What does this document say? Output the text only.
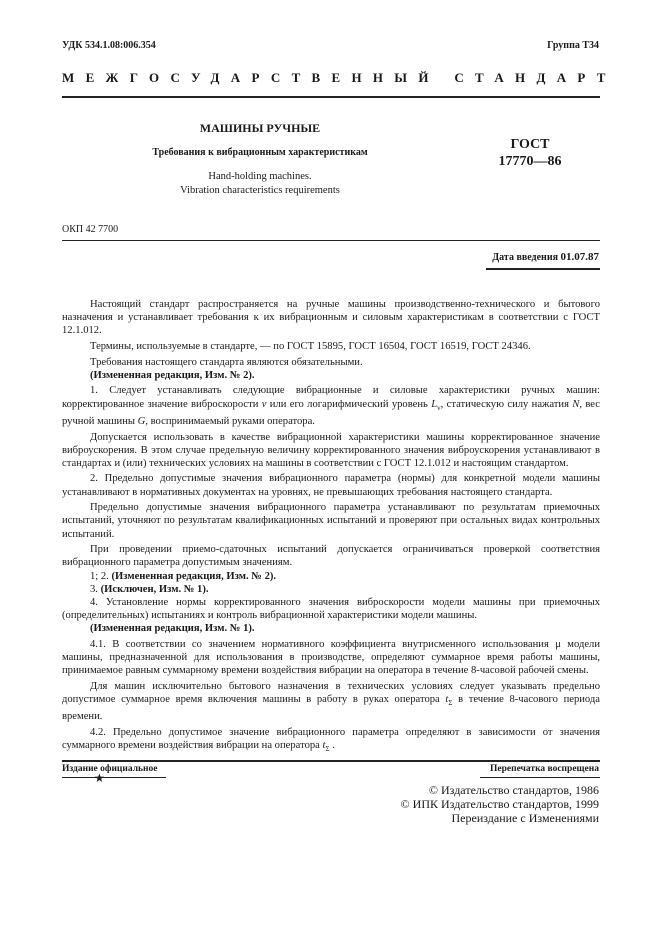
УДК 534.1.08:006.354	Группа Т34
МЕЖГОСУДАРСТВЕННЫЙ СТАНДАРТ
МАШИНЫ РУЧНЫЕ
Требования к вибрационным характеристикам
ГОСТ
17770—86
Hand-holding machines.
Vibration characteristics requirements
ОКП 42 7700
Дата введения 01.07.87

Настоящий стандарт распространяется на ручные машины производственно-технического и бытового назначения и устанавливает требования к их вибрационным и силовым характеристикам в соответствии с ГОСТ 12.1.012.

Термины, используемые в стандарте, — по ГОСТ 15895, ГОСТ 16504, ГОСТ 16519, ГОСТ 24346.

Требования настоящего стандарта являются обязательными.

(Измененная редакция, Изм. № 2).

1. Следует устанавливать следующие вибрационные и силовые характеристики ручных машин: корректированное значение виброскорости v или его логарифмический уровень $L_v$, статическую силу нажатия N, вес ручной машины G, воспринимаемый руками оператора.

Допускается использовать в качестве вибрационной характеристики машины корректированное значение виброускорения. В этом случае предельную величину корректированного значения виброускорения устанавливают в стандартах и (или) технических условиях на машины в соответствии с ГОСТ 12.1.012 и настоящим стандартом.

2. Предельно допустимые значения вибрационного параметра (нормы) для конкретной модели машины устанавливают в нормативных документах на уровнях, не превышающих требования настоящего стандарта.

Предельно допустимые значения вибрационного параметра устанавливают по результатам приемочных испытаний, уточняют по результатам квалификационных испытаний и проверяют при остальных видах контрольных испытаний.

При проведении приемо-сдаточных испытаний допускается ограничиваться проверкой соответствия вибрационного параметра допустимым значениям.

1; 2. (Измененная редакция, Изм. № 2).

3. (Исключен, Изм. № 1).

4. Установление нормы корректированного значения виброскорости модели машины при приемочных (определительных) испытаниях и контроль вибрационной характеристики модели машины.

(Измененная редакция, Изм. № 1).

4.1. В соответствии со значением нормативного коэффициента внутрисменного использования μ модели машины, предназначенной для использования в производстве, определяют суммарное время работы машины, принимаемое равным суммарному времени воздействия вибрации на оператора в течение 8-часовой рабочей смены.

Для машин исключительно бытового назначения в технических условиях следует указывать предельно допустимое суммарное время включения машины в работу в руках оператора $t_\Sigma$ в течение 8-часового периода времени.

4.2. Предельно допустимое значение вибрационного параметра определяют в зависимости от значения суммарного времени воздействия вибрации на оператора $t_\Sigma$ .

Издание официальное
★
Перепечатка воспрещена
© Издательство стандартов, 1986
© ИПК Издательство стандартов, 1999
Переиздание с Изменениями
